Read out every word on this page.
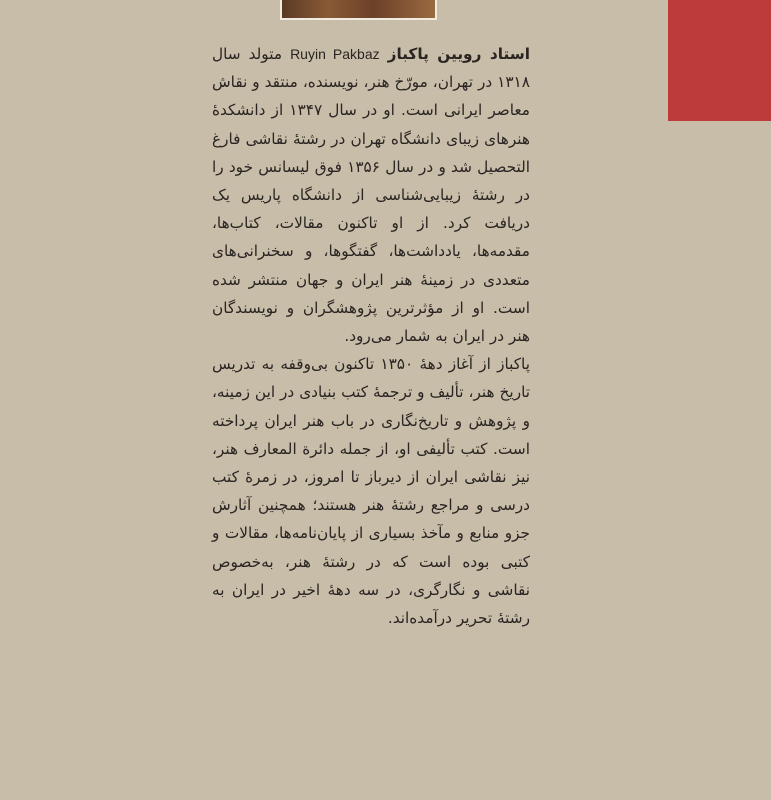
استاد رویین پاکباز Ruyin Pakbaz متولد سال ۱۳۱۸ در تهران، مورّخ هنر، نویسنده، منتقد و نقاش معاصر ایرانی است. او در سال ۱۳۴۷ از دانشکدهٔ هنرهای زیبای دانشگاه تهران در رشتهٔ نقاشی فارغ التحصیل شد و در سال ۱۳۵۶ فوق لیسانس خود را در رشتهٔ زیبایی‌شناسی از دانشگاه پاریس یک دریافت کرد. از او تاکنون مقالات، کتاب‌ها، مقدمه‌ها، یادداشت‌ها، گفتگوها، و سخنرانی‌های متعددی در زمینهٔ هنر ایران و جهان منتشر شده است. او از مؤثرترین پژوهشگران و نویسندگان هنر در ایران به شمار می‌رود.

پاکباز از آغاز دههٔ ۱۳۵۰ تاکنون بی‌وقفه به تدریس تاریخ هنر، تألیف و ترجمهٔ کتب بنیادی در این زمینه، و پژوهش و تاریخ‌نگاری در باب هنر ایران پرداخته است. کتب تألیفی او، از جمله دائرة المعارف هنر، نیز نقاشی ایران از دیرباز تا امروز، در زمرهٔ کتب درسی و مراجع رشتهٔ هنر هستند؛ همچنین آثارش جزو منابع و مآخذ بسیاری از پایان‌نامه‌ها، مقالات و کتبی بوده است که در رشتهٔ هنر، به‌خصوص نقاشی و نگارگری، در سه دههٔ اخیر در ایران به رشتهٔ تحریر درآمده‌اند.
